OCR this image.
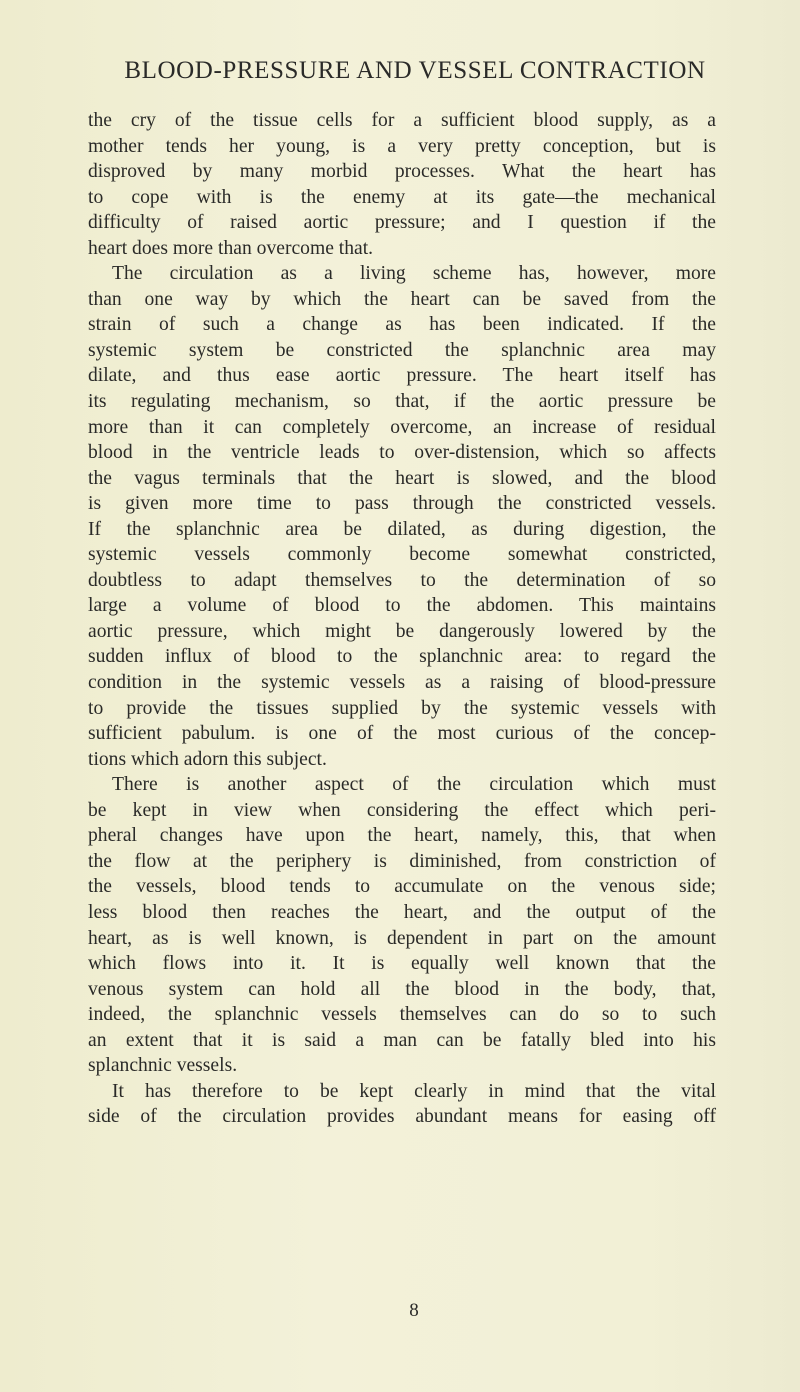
BLOOD-PRESSURE AND VESSEL CONTRACTION
the cry of the tissue cells for a sufficient blood supply, as a
mother tends her young, is a very pretty conception, but is
disproved by many morbid processes. What the heart has
to cope with is the enemy at its gate—the mechanical
difficulty of raised aortic pressure; and I question if the
heart does more than overcome that.
The circulation as a living scheme has, however, more
than one way by which the heart can be saved from the
strain of such a change as has been indicated. If the
systemic system be constricted the splanchnic area may
dilate, and thus ease aortic pressure. The heart itself has
its regulating mechanism, so that, if the aortic pressure be
more than it can completely overcome, an increase of residual
blood in the ventricle leads to over-distension, which so affects
the vagus terminals that the heart is slowed, and the blood
is given more time to pass through the constricted vessels.
If the splanchnic area be dilated, as during digestion, the
systemic vessels commonly become somewhat constricted,
doubtless to adapt themselves to the determination of so
large a volume of blood to the abdomen. This maintains
aortic pressure, which might be dangerously lowered by the
sudden influx of blood to the splanchnic area: to regard the
condition in the systemic vessels as a raising of blood-pressure
to provide the tissues supplied by the systemic vessels with
sufficient pabulum. is one of the most curious of the concep-
tions which adorn this subject.
There is another aspect of the circulation which must
be kept in view when considering the effect which peri-
pheral changes have upon the heart, namely, this, that when
the flow at the periphery is diminished, from constriction of
the vessels, blood tends to accumulate on the venous side;
less blood then reaches the heart, and the output of the
heart, as is well known, is dependent in part on the amount
which flows into it. It is equally well known that the
venous system can hold all the blood in the body, that,
indeed, the splanchnic vessels themselves can do so to such
an extent that it is said a man can be fatally bled into his
splanchnic vessels.
It has therefore to be kept clearly in mind that the vital
side of the circulation provides abundant means for easing off
8
